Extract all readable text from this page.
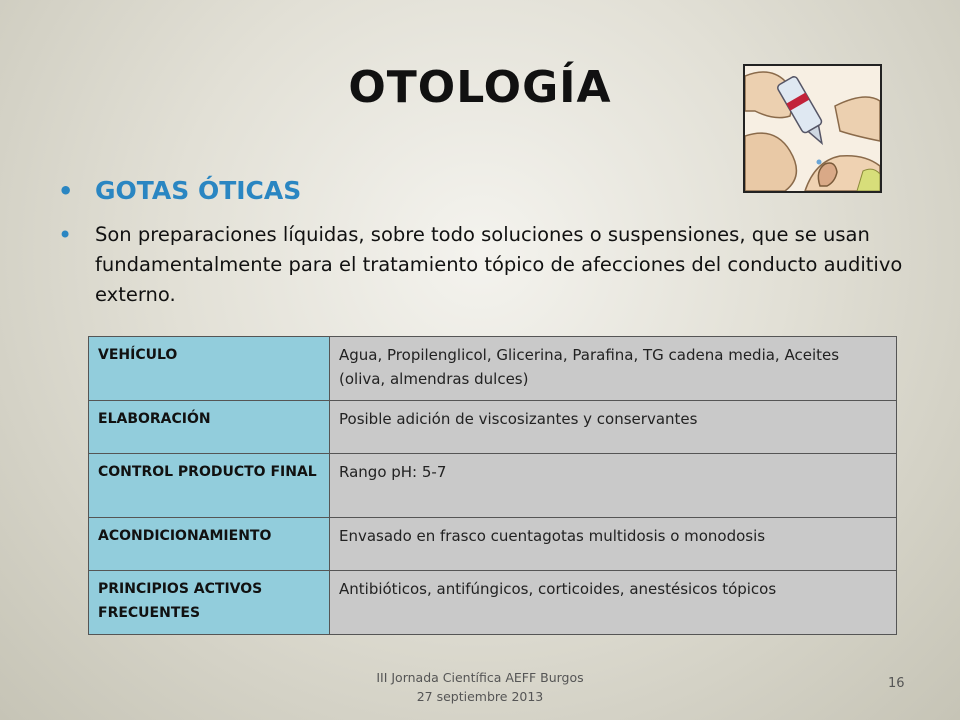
OTOLOGÍA
• GOTAS ÓTICAS
• Son preparaciones líquidas, sobre todo soluciones o suspensiones, que se usan fundamentalmente para el tratamiento tópico de afecciones del conducto auditivo externo.
VEHÍCULO	Agua, Propilenglicol, Glicerina, Parafina, TG cadena media, Aceites (oliva, almendras dulces)
ELABORACIÓN	Posible adición de viscosizantes y conservantes
CONTROL PRODUCTO FINAL	Rango pH: 5-7
ACONDICIONAMIENTO	Envasado en frasco cuentagotas multidosis o monodosis
PRINCIPIOS ACTIVOS FRECUENTES	Antibióticos, antifúngicos, corticoides, anestésicos tópicos
III Jornada Científica AEFF Burgos
27 septiembre 2013
16
